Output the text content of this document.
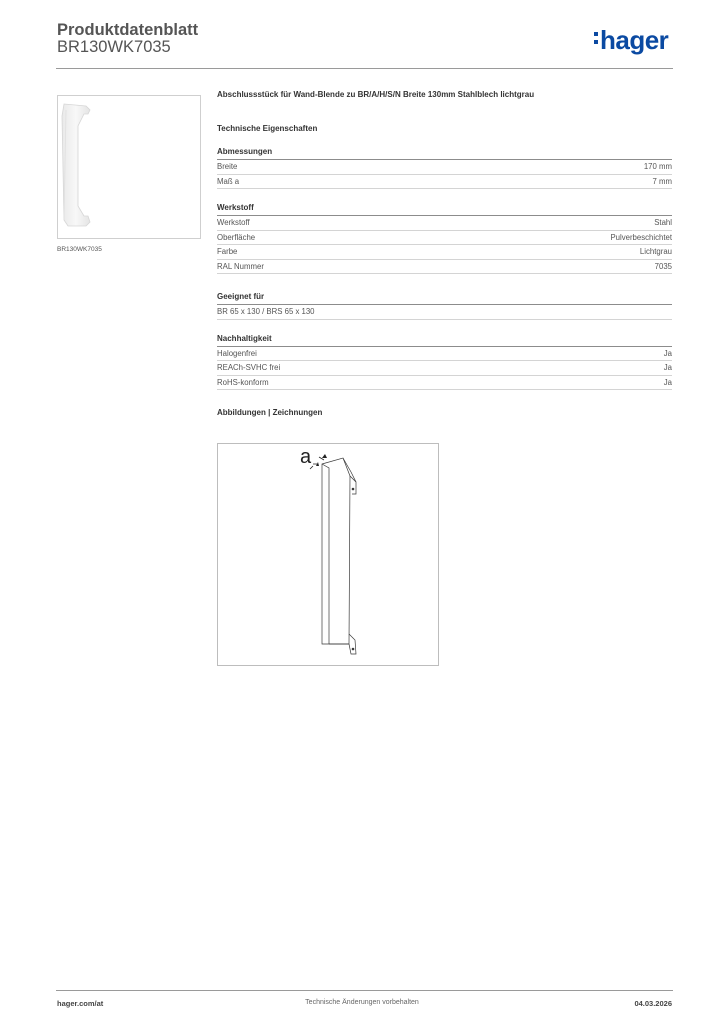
Produktdatenblatt
BR130WK7035	hager
BR130WK7035

Abschlussstück für Wand-Blende zu BR/A/H/S/N Breite 130mm Stahlblech lichtgrau

Technische Eigenschaften

Abmessungen
Breite	170 mm
Maß a	7 mm
Werkstoff
Werkstoff	Stahl
Oberfläche	Pulverbeschichtet
Farbe	Lichtgrau
RAL Nummer	7035
Geeignet für
BR 65 x 130 / BRS 65 x 130
Nachhaltigkeit
Halogenfrei	Ja
REACh-SVHC frei	Ja
RoHS-konform	Ja

Abbildungen | Zeichnungen

a
hager.com/at	Technische Änderungen vorbehalten	04.03.2026
